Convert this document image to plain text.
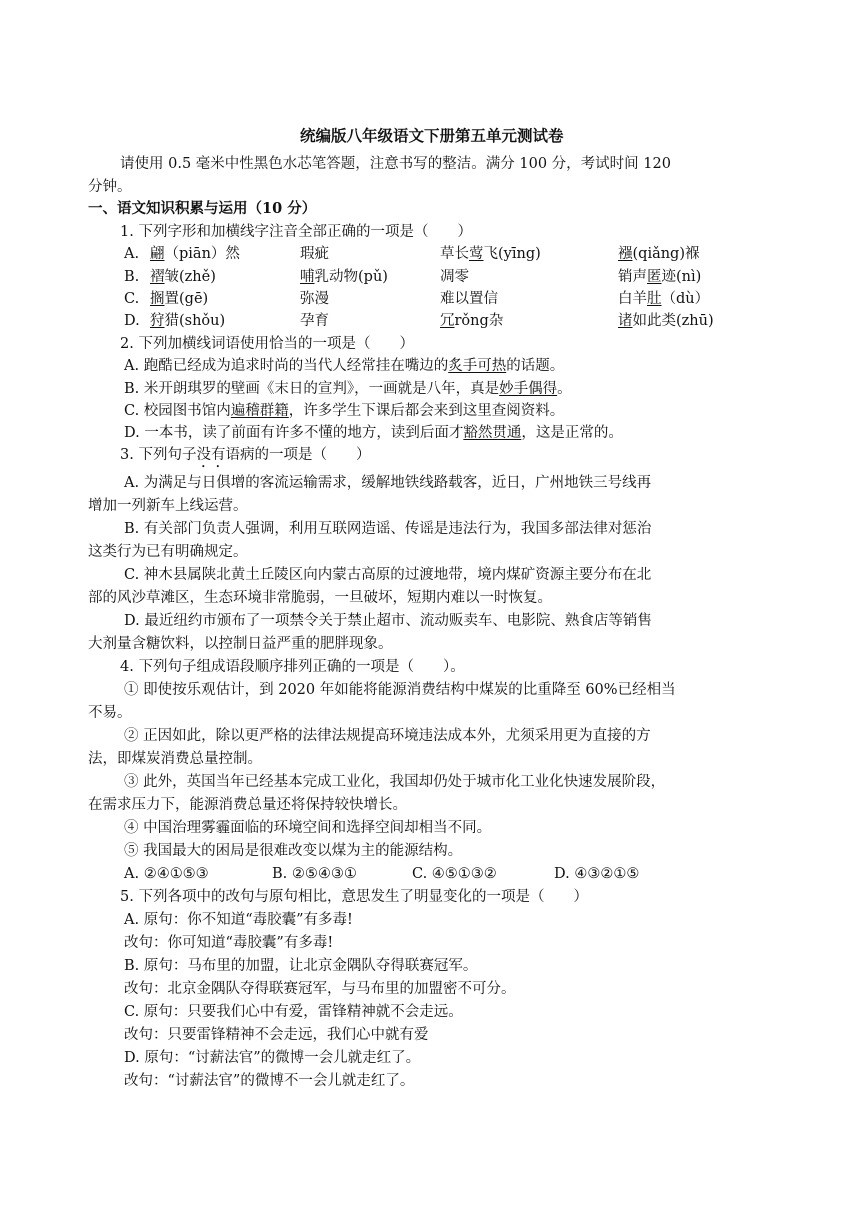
统编版八年级语文下册第五单元测试卷
请使用 0.5 毫米中性黑色水芯笔答题，注意书写的整洁。满分 100 分，考试时间 120
分钟。
一、语文知识积累与运用（10 分）
1. 下列字形和加横线字注音全部正确的一项是（　　）
A. 翩（piān）然	瑕疵	草长莺飞(yīng)	襁(qiǎng)褓
B. 褶皱(zhě)	哺乳动物(pǔ)	凋零	销声匿迹(nì)
C. 搁置(gē)	弥漫	难以置信	白羊肚（dù）
D. 狩猎(shǒu)	孕育	冗rǒng杂	诸如此类(zhū)
2. 下列加横线词语使用恰当的一项是（　　）
A. 跑酷已经成为追求时尚的当代人经常挂在嘴边的炙手可热的话题。
B. 米开朗琪罗的壁画《末日的宣判》，一画就是八年，真是妙手偶得。
C. 校园图书馆内遍稽群籍，许多学生下课后都会来到这里查阅资料。
D. 一本书，读了前面有许多不懂的地方，读到后面才豁然贯通，这是正常的。
3. 下列句子没有语病的一项是（　　）
A. 为满足与日俱增的客流运输需求，缓解地铁线路载客，近日，广州地铁三号线再
增加一列新车上线运营。
B. 有关部门负责人强调，利用互联网造谣、传谣是违法行为，我国多部法律对惩治
这类行为已有明确规定。
C. 神木县属陕北黄土丘陵区向内蒙古高原的过渡地带，境内煤矿资源主要分布在北
部的风沙草滩区，生态环境非常脆弱，一旦破坏，短期内难以一时恢复。
D. 最近纽约市颁布了一项禁令关于禁止超市、流动贩卖车、电影院、熟食店等销售
大剂量含糖饮料，以控制日益严重的肥胖现象。
4. 下列句子组成语段顺序排列正确的一项是（　　）。
① 即使按乐观估计，到 2020 年如能将能源消费结构中煤炭的比重降至 60%已经相当
不易。
② 正因如此，除以更严格的法律法规提高环境违法成本外，尤须采用更为直接的方
法，即煤炭消费总量控制。
③ 此外，英国当年已经基本完成工业化，我国却仍处于城市化工业化快速发展阶段，
在需求压力下，能源消费总量还将保持较快增长。
④ 中国治理雾霾面临的环境空间和选择空间却相当不同。
⑤ 我国最大的困局是很难改变以煤为主的能源结构。
A. ②④①⑤③	B. ②⑤④③①	C. ④⑤①③②	D. ④③②①⑤
5. 下列各项中的改句与原句相比，意思发生了明显变化的一项是（　　）
A. 原句：你不知道“毒胶囊”有多毒!
改句：你可知道“毒胶囊”有多毒!
B. 原句：马布里的加盟，让北京金隅队夺得联赛冠军。
改句：北京金隅队夺得联赛冠军，与马布里的加盟密不可分。
C. 原句：只要我们心中有爱，雷锋精神就不会走远。
改句：只要雷锋精神不会走远，我们心中就有爱
D. 原句：“讨薪法官”的微博一会儿就走红了。
改句：“讨薪法官”的微博不一会儿就走红了。
